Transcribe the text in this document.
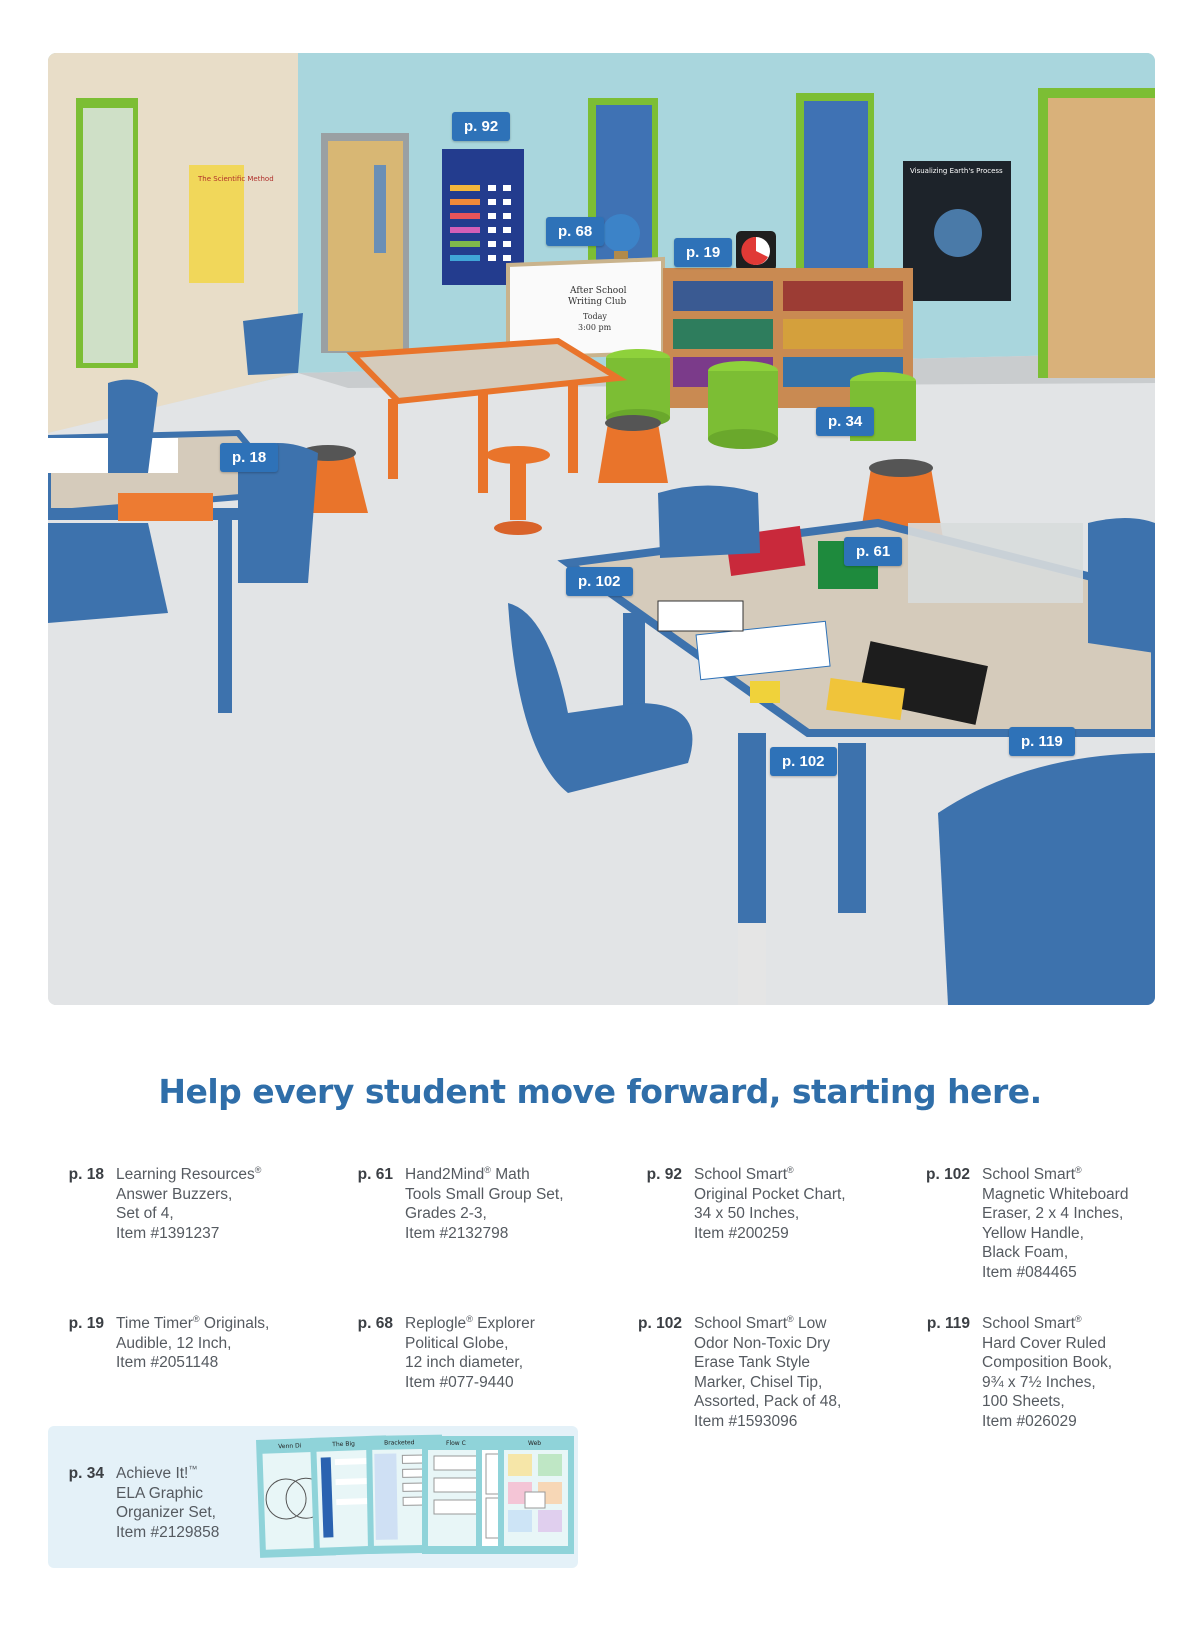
The Scientific Method
Visualizing Earth's Process
After School
Writing Club
Today
3:00 pm
p. 92
p. 68
p. 19
p. 18
p. 34
p. 61
p. 102
p. 102
p. 119
Help every student move forward, starting here.
p. 18 Learning Resources®
Answer Buzzers,
Set of 4,
Item #1391237
p. 61 Hand2Mind® Math
Tools Small Group Set,
Grades 2-3,
Item #2132798
p. 92 School Smart®
Original Pocket Chart,
34 x 50 Inches,
Item #200259
p. 102 School Smart®
Magnetic Whiteboard
Eraser, 2 x 4 Inches,
Yellow Handle,
Black Foam,
Item #084465
p. 19 Time Timer® Originals,
Audible, 12 Inch,
Item #2051148
p. 68 Replogle® Explorer
Political Globe,
12 inch diameter,
Item #077-9440
p. 102 School Smart® Low
Odor Non-Toxic Dry
Erase Tank Style
Marker, Chisel Tip,
Assorted, Pack of 48,
Item #1593096
p. 119 School Smart®
Hard Cover Ruled
Composition Book,
9¾ x 7½ Inches,
100 Sheets,
Item #026029
Venn Di	The Big	Bracketed	Flow C	Web
p. 34 Achieve It!™
ELA Graphic
Organizer Set,
Item #2129858
